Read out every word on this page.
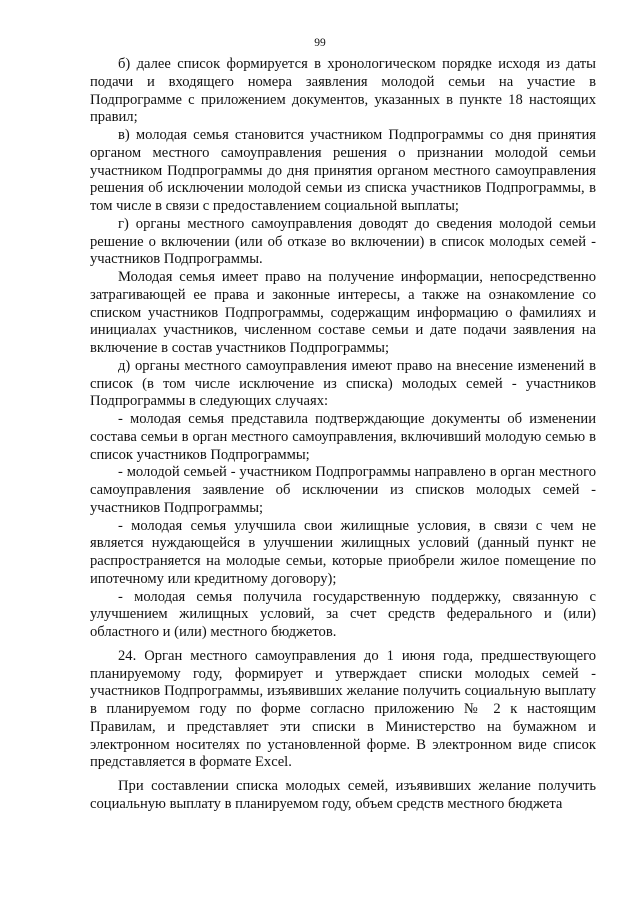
99

б) далее список формируется в хронологическом порядке исходя из даты подачи и входящего номера заявления молодой семьи на участие в Подпрограмме с приложением документов, указанных в пункте 18 настоящих правил;

в) молодая семья становится участником Подпрограммы со дня принятия органом местного самоуправления решения о признании молодой семьи участником Подпрограммы до дня принятия органом местного самоуправления решения об исключении молодой семьи из списка участников Подпрограммы, в том числе в связи с предоставлением социальной выплаты;

г) органы местного самоуправления доводят до сведения молодой семьи решение о включении (или об отказе во включении) в список молодых семей - участников Подпрограммы.

Молодая семья имеет право на получение информации, непосредственно затрагивающей ее права и законные интересы, а также на ознакомление со списком участников Подпрограммы, содержащим информацию о фамилиях и инициалах участников, численном составе семьи и дате подачи заявления на включение в состав участников Подпрограммы;

д) органы местного самоуправления имеют право на внесение изменений в список (в том числе исключение из списка) молодых семей - участников Подпрограммы в следующих случаях:

- молодая семья представила подтверждающие документы об изменении состава семьи в орган местного самоуправления, включивший молодую семью в список участников Подпрограммы;

- молодой семьей - участником Подпрограммы направлено в орган местного самоуправления заявление об исключении из списков молодых семей - участников Подпрограммы;

- молодая семья улучшила свои жилищные условия, в связи с чем не является нуждающейся в улучшении жилищных условий (данный пункт не распространяется на молодые семьи, которые приобрели жилое помещение по ипотечному или кредитному договору);

- молодая семья получила государственную поддержку, связанную с улучшением жилищных условий, за счет средств федерального и (или) областного и (или) местного бюджетов.

24. Орган местного самоуправления до 1 июня года, предшествующего планируемому году, формирует и утверждает списки молодых семей - участников Подпрограммы, изъявивших желание получить социальную выплату в планируемом году по форме согласно приложению № 2 к настоящим Правилам, и представляет эти списки в Министерство на бумажном и электронном носителях по установленной форме. В электронном виде список представляется в формате Excel.

При составлении списка молодых семей, изъявивших желание получить социальную выплату в планируемом году, объем средств местного бюджета
